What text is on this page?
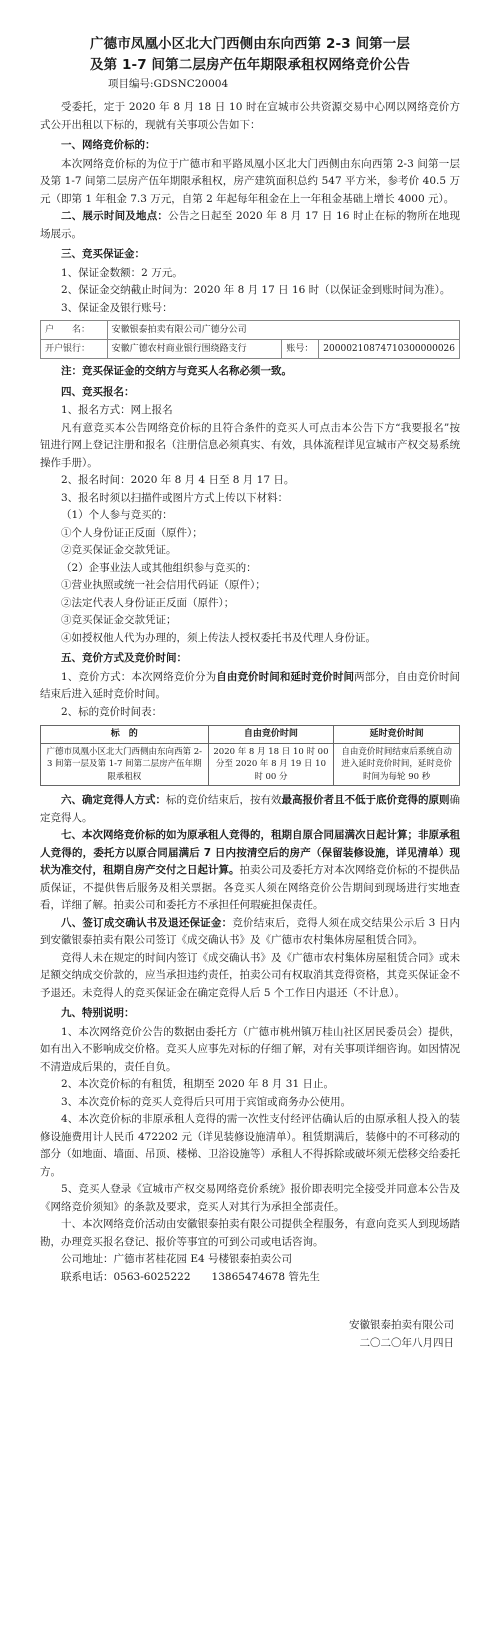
广德市凤凰小区北大门西侧由东向西第 2-3 间第一层
及第 1-7 间第二层房产伍年期限承租权网络竞价公告

项目编号:GDSNC20004

受委托，定于 2020 年 8 月 18 日 10 时在宣城市公共资源交易中心网以网络竞价方式公开出租以下标的，现就有关事项公告如下：

一、网络竞价标的：

本次网络竞价标的为位于广德市和平路凤凰小区北大门西侧由东向西第 2-3 间第一层及第 1-7 间第二层房产伍年期限承租权，房产建筑面积总约 547 平方米，参考价 40.5 万元（即第 1 年租金 7.3 万元，自第 2 年起每年租金在上一年租金基础上增长 4000 元）。

二、展示时间及地点：公告之日起至 2020 年 8 月 17 日 16 时止在标的物所在地现场展示。

三、竞买保证金：

1、保证金数额：2 万元。

2、保证金交纳截止时间为：2020 年 8 月 17 日 16 时（以保证金到账时间为准）。

3、保证金及银行账号：

户　　名：	安徽银泰拍卖有限公司广德分公司		
开户银行：	安徽广德农村商业银行围绕路支行	账号：	20000210874710300000026

注：竞买保证金的交纳方与竞买人名称必须一致。

四、竞买报名：

1、报名方式：网上报名

凡有意竞买本公告网络竞价标的且符合条件的竞买人可点击本公告下方“我要报名”按钮进行网上登记注册和报名（注册信息必须真实、有效，具体流程详见宣城市产权交易系统操作手册）。

2、报名时间：2020 年 8 月 4 日至 8 月 17 日。

3、报名时须以扫描件或图片方式上传以下材料：

（1）个人参与竞买的：

①个人身份证正反面（原件）；

②竞买保证金交款凭证。

（2）企事业法人或其他组织参与竞买的：

①营业执照或统一社会信用代码证（原件）；

②法定代表人身份证正反面（原件）；

③竞买保证金交款凭证；

④如授权他人代为办理的，须上传法人授权委托书及代理人身份证。

五、竞价方式及竞价时间：

1、竞价方式：本次网络竞价分为自由竞价时间和延时竞价时间两部分，自由竞价时间结束后进入延时竞价时间。

2、标的竞价时间表：

标　的	自由竞价时间	延时竞价时间
广德市凤凰小区北大门西侧由东向西第 2-3 间第一层及第 1-7 间第二层房产伍年期限承租权	2020 年 8 月 18 日 10 时 00 分至 2020 年 8 月 19 日 10 时 00 分	自由竞价时间结束后系统自动进入延时竞价时间，延时竞价时间为每轮 90 秒

六、确定竞得人方式：标的竞价结束后，按有效最高报价者且不低于底价竞得的原则确定竞得人。

七、本次网络竞价标的如为原承租人竞得的，租期自原合同届满次日起计算；非原承租人竞得的，委托方以原合同届满后 7 日内按清空后的房产（保留装修设施，详见清单）现状为准交付，租期自房产交付之日起计算。拍卖公司及委托方对本次网络竞价标的不提供品质保证，不提供售后服务及相关票据。各竞买人须在网络竞价公告期间到现场进行实地查看，详细了解。拍卖公司和委托方不承担任何瑕疵担保责任。

八、签订成交确认书及退还保证金：竞价结束后，竞得人须在成交结果公示后 3 日内到安徽银泰拍卖有限公司签订《成交确认书》及《广德市农村集体房屋租赁合同》。

竞得人未在规定的时间内签订《成交确认书》及《广德市农村集体房屋租赁合同》或未足额交纳成交价款的，应当承担违约责任，拍卖公司有权取消其竞得资格，其竞买保证金不予退还。未竞得人的竞买保证金在确定竞得人后 5 个工作日内退还（不计息）。

九、特别说明：

1、本次网络竞价公告的数据由委托方（广德市桃州镇万桂山社区居民委员会）提供，如有出入不影响成交价格。竞买人应事先对标的仔细了解，对有关事项详细咨询。如因情况不清造成后果的，责任自负。

2、本次竞价标的有租赁，租期至 2020 年 8 月 31 日止。

3、本次竞价标的竞买人竞得后只可用于宾馆或商务办公使用。

4、本次竞价标的非原承租人竞得的需一次性支付经评估确认后的由原承租人投入的装修设施费用计人民币 472202 元（详见装修设施清单）。租赁期满后，装修中的不可移动的部分（如地面、墙面、吊顶、楼梯、卫浴设施等）承租人不得拆除或破坏须无偿移交给委托方。

5、竞买人登录《宣城市产权交易网络竞价系统》报价即表明完全接受并同意本公告及《网络竞价须知》的条款及要求，竞买人对其行为承担全部责任。

十、本次网络竞价活动由安徽银泰拍卖有限公司提供全程服务，有意向竞买人到现场踏勘，办理竞买报名登记、报价等事宜的可到公司或电话咨询。

公司地址：广德市茗桂花园 E4 号楼银泰拍卖公司

联系电话：0563-6025222　　13865474678 管先生

安徽银泰拍卖有限公司

二〇二〇年八月四日
